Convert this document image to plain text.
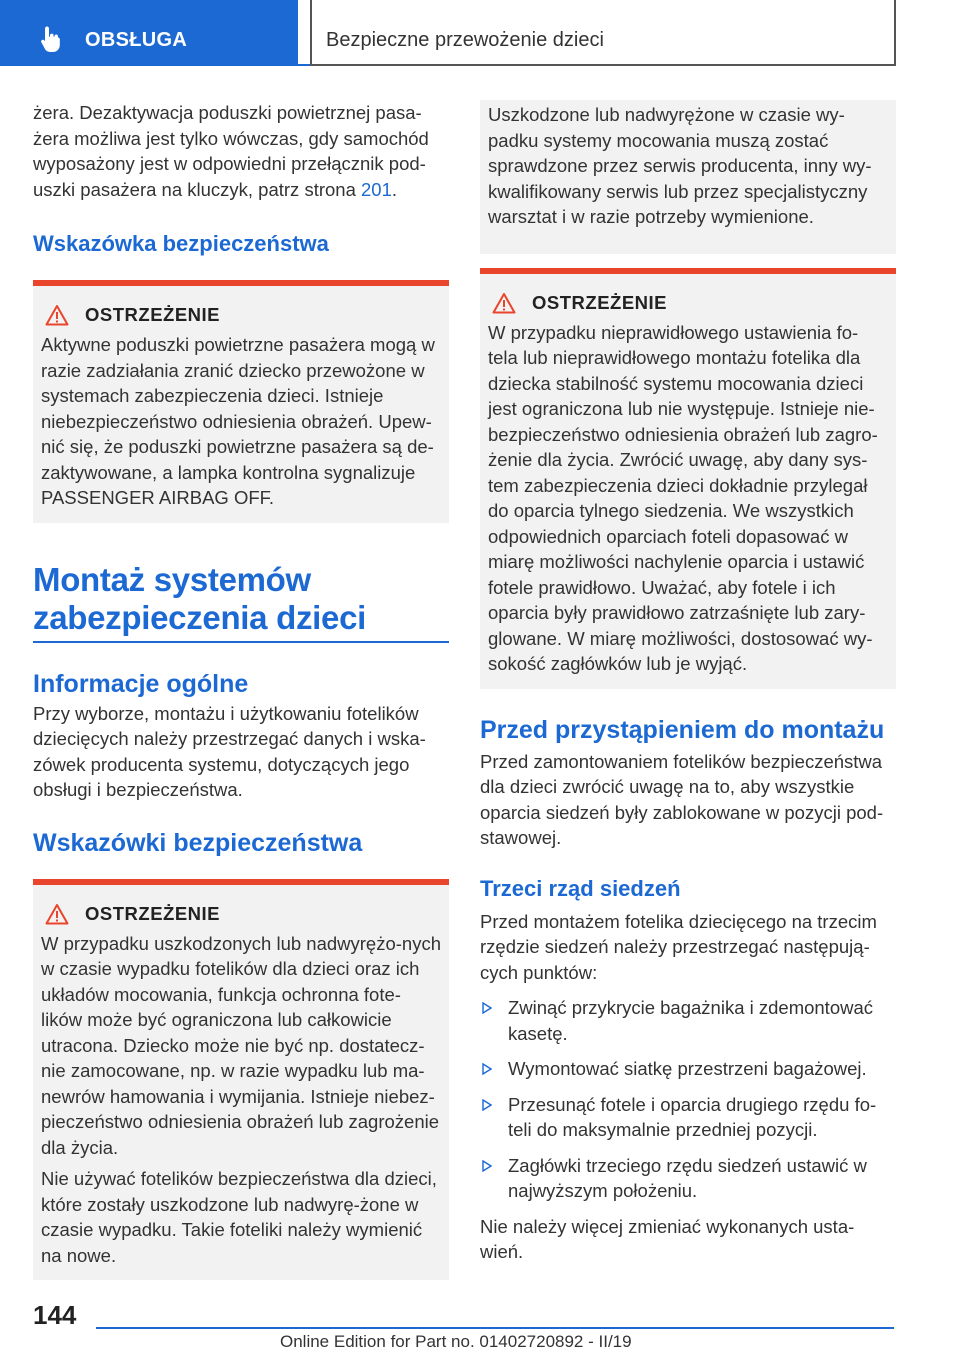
OBSŁUGA	Bezpieczne przewożenie dzieci

żera. Dezaktywacja poduszki powietrznej pasa-żera możliwa jest tylko wówczas, gdy samochód wyposażony jest w odpowiedni przełącznik pod-uszki pasażera na kluczyk, patrz strona 201.

Wskazówka bezpieczeństwa
OSTRZEŻENIE

Aktywne poduszki powietrzne pasażera mogą w razie zadziałania zranić dziecko przewożone w systemach zabezpieczenia dzieci. Istnieje niebezpieczeństwo odniesienia obrażeń. Upew-nić się, że poduszki powietrzne pasażera są de-zaktywowane, a lampka kontrolna sygnalizuje PASSENGER AIRBAG OFF.

Montaż systemów zabezpieczenia dzieci
Informacje ogólne

Przy wyborze, montażu i użytkowaniu fotelików dziecięcych należy przestrzegać danych i wska-zówek producenta systemu, dotyczących jego obsługi i bezpieczeństwa.

Wskazówki bezpieczeństwa
OSTRZEŻENIE

W przypadku uszkodzonych lub nadwyrężo-nych w czasie wypadku fotelików dla dzieci oraz ich układów mocowania, funkcja ochronna fote-lików może być ograniczona lub całkowicie utracona. Dziecko może nie być np. dostatecz-nie zamocowane, np. w razie wypadku lub ma-newrów hamowania i wymijania. Istnieje niebez-pieczeństwo odniesienia obrażeń lub zagrożenie dla życia.

Nie używać fotelików bezpieczeństwa dla dzieci, które zostały uszkodzone lub nadwyrę-żone w czasie wypadku. Takie foteliki należy wymienić na nowe.

Uszkodzone lub nadwyrężone w czasie wy-padku systemy mocowania muszą zostać sprawdzone przez serwis producenta, inny wy-kwalifikowany serwis lub przez specjalistyczny warsztat i w razie potrzeby wymienione.

OSTRZEŻENIE

W przypadku nieprawidłowego ustawienia fo-tela lub nieprawidłowego montażu fotelika dla dziecka stabilność systemu mocowania dzieci jest ograniczona lub nie występuje. Istnieje nie-bezpieczeństwo odniesienia obrażeń lub zagro-żenie dla życia. Zwrócić uwagę, aby dany sys-tem zabezpieczenia dzieci dokładnie przylegał do oparcia tylnego siedzenia. We wszystkich odpowiednich oparciach foteli dopasować w miarę możliwości nachylenie oparcia i ustawić fotele prawidłowo. Uważać, aby fotele i ich oparcia były prawidłowo zatrzaśnięte lub zary-glowane. W miarę możliwości, dostosować wy-sokość zagłówków lub je wyjąć.

Przed przystąpieniem do montażu

Przed zamontowaniem fotelików bezpieczeństwa dla dzieci zwrócić uwagę na to, aby wszystkie oparcia siedzeń były zablokowane w pozycji pod-stawowej.

Trzeci rząd siedzeń

Przed montażem fotelika dziecięcego na trzecim rzędzie siedzeń należy przestrzegać następują-cych punktów:

Zwinąć przykrycie bagażnika i zdemontować kasetę.
Wymontować siatkę przestrzeni bagażowej.
Przesunąć fotele i oparcia drugiego rzędu fo-teli do maksymalnie przedniej pozycji.
Zagłówki trzeciego rzędu siedzeń ustawić w najwyższym położeniu.

Nie należy więcej zmieniać wykonanych usta-wień.

144
Online Edition for Part no. 01402720892 - II/19
